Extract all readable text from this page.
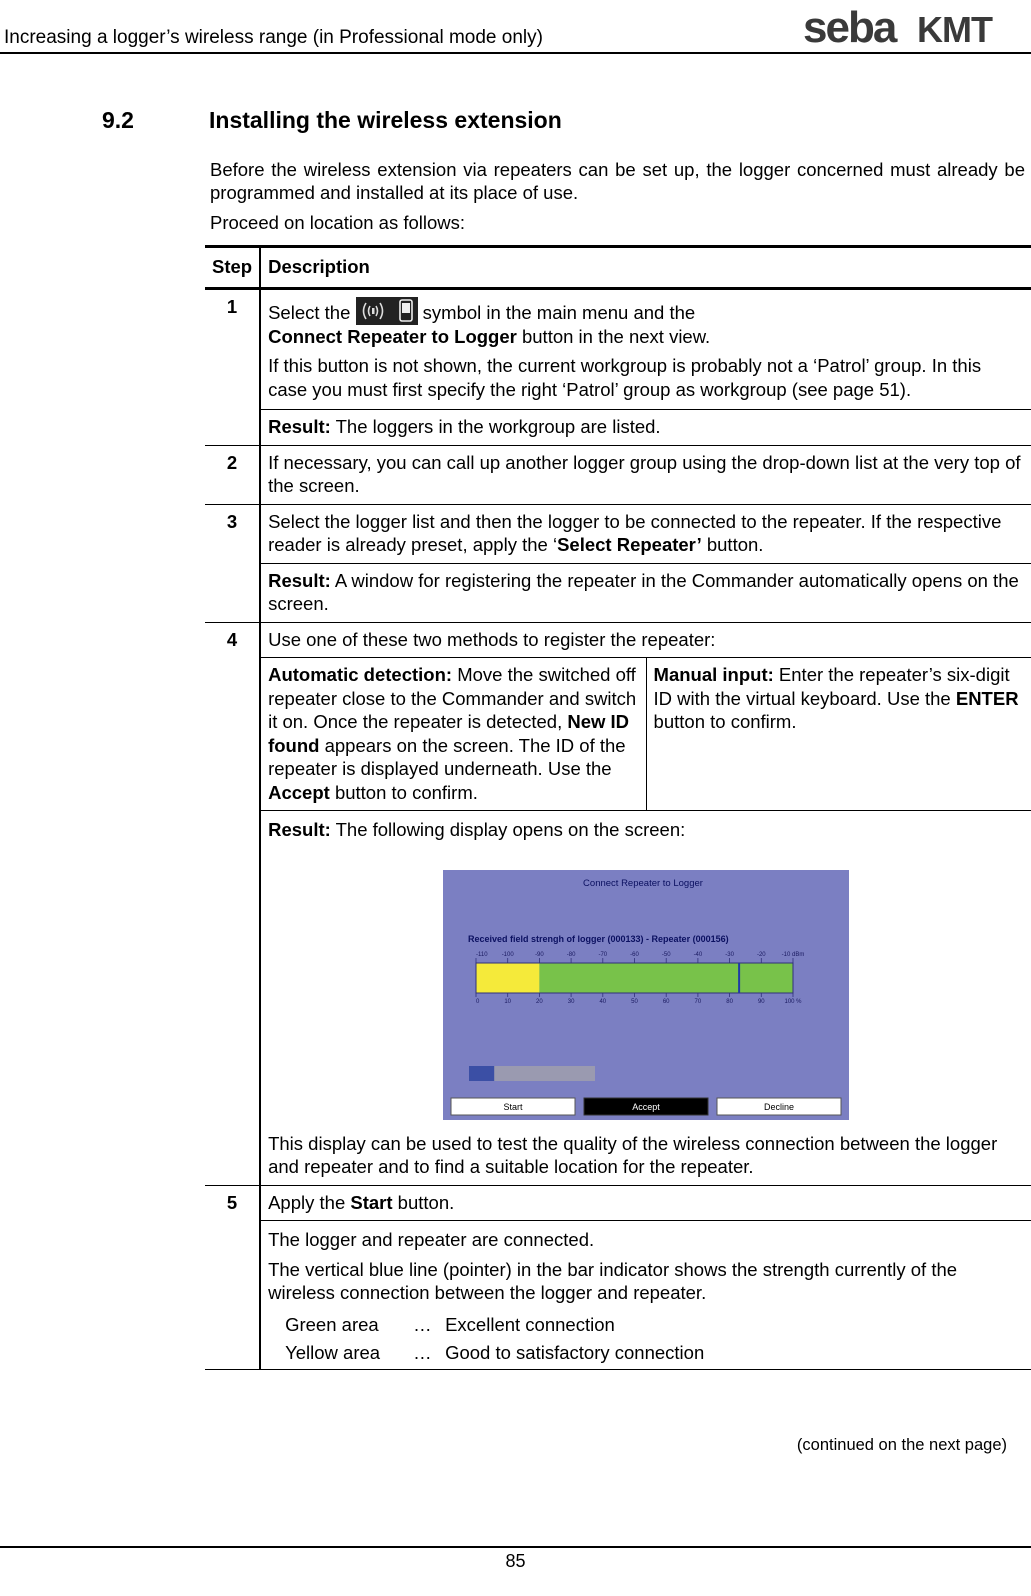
Increasing a logger’s wireless range (in Professional mode only)	seba KMT
9.2	Installing the wireless extension
Before the wireless extension via repeaters can be set up, the logger concerned must already be programmed and installed at its place of use.
Proceed on location as follows:
Step	Description
1	Select the	symbol in the main menu and the
Connect Repeater to Logger button in the next view.

If this button is not shown, the current workgroup is probably not a ‘Patrol’ group. In this case you must first specify the right ‘Patrol’ group as workgroup (see page 51).

Result: The loggers in the workgroup are listed.

2	If necessary, you can call up another logger group using the drop-down list at the very top of the screen.
3	Select the logger list and then the logger to be connected to the repeater. If the respective reader is already preset, apply the ‘Select Repeater’ button.
Result: A window for registering the repeater in the Commander automatically opens on the screen.

4	Use one of these two methods to register the repeater:
Automatic detection: Move the switched off repeater close to the Commander and switch it on. Once the repeater is detected, New ID found appears on the screen. The ID of the repeater is displayed underneath. Use the Accept button to confirm.
	Manual input: Enter the repeater’s six-digit ID with the virtual keyboard. Use the ENTER button to confirm.
Result: The following display opens on the screen:
Connect Repeater to Logger
Received field strengh of logger (000133) - Repeater (000156)
-110 -100	-90	-80	-70	-60	-50	-40	-30	-20	-10 dBm
0	10	20	30	40	50	60	70	80	90	100 %
Start	Accept	Decline
This display can be used to test the quality of the wireless connection between the logger and repeater and to find a suitable location for the repeater.

5	Apply the Start button.

The logger and repeater are connected.

The vertical blue line (pointer) in the bar indicator shows the strength currently of the wireless connection between the logger and repeater.

Green area … Excellent connection
Yellow area … Good to satisfactory connection
(continued on the next page)
85
